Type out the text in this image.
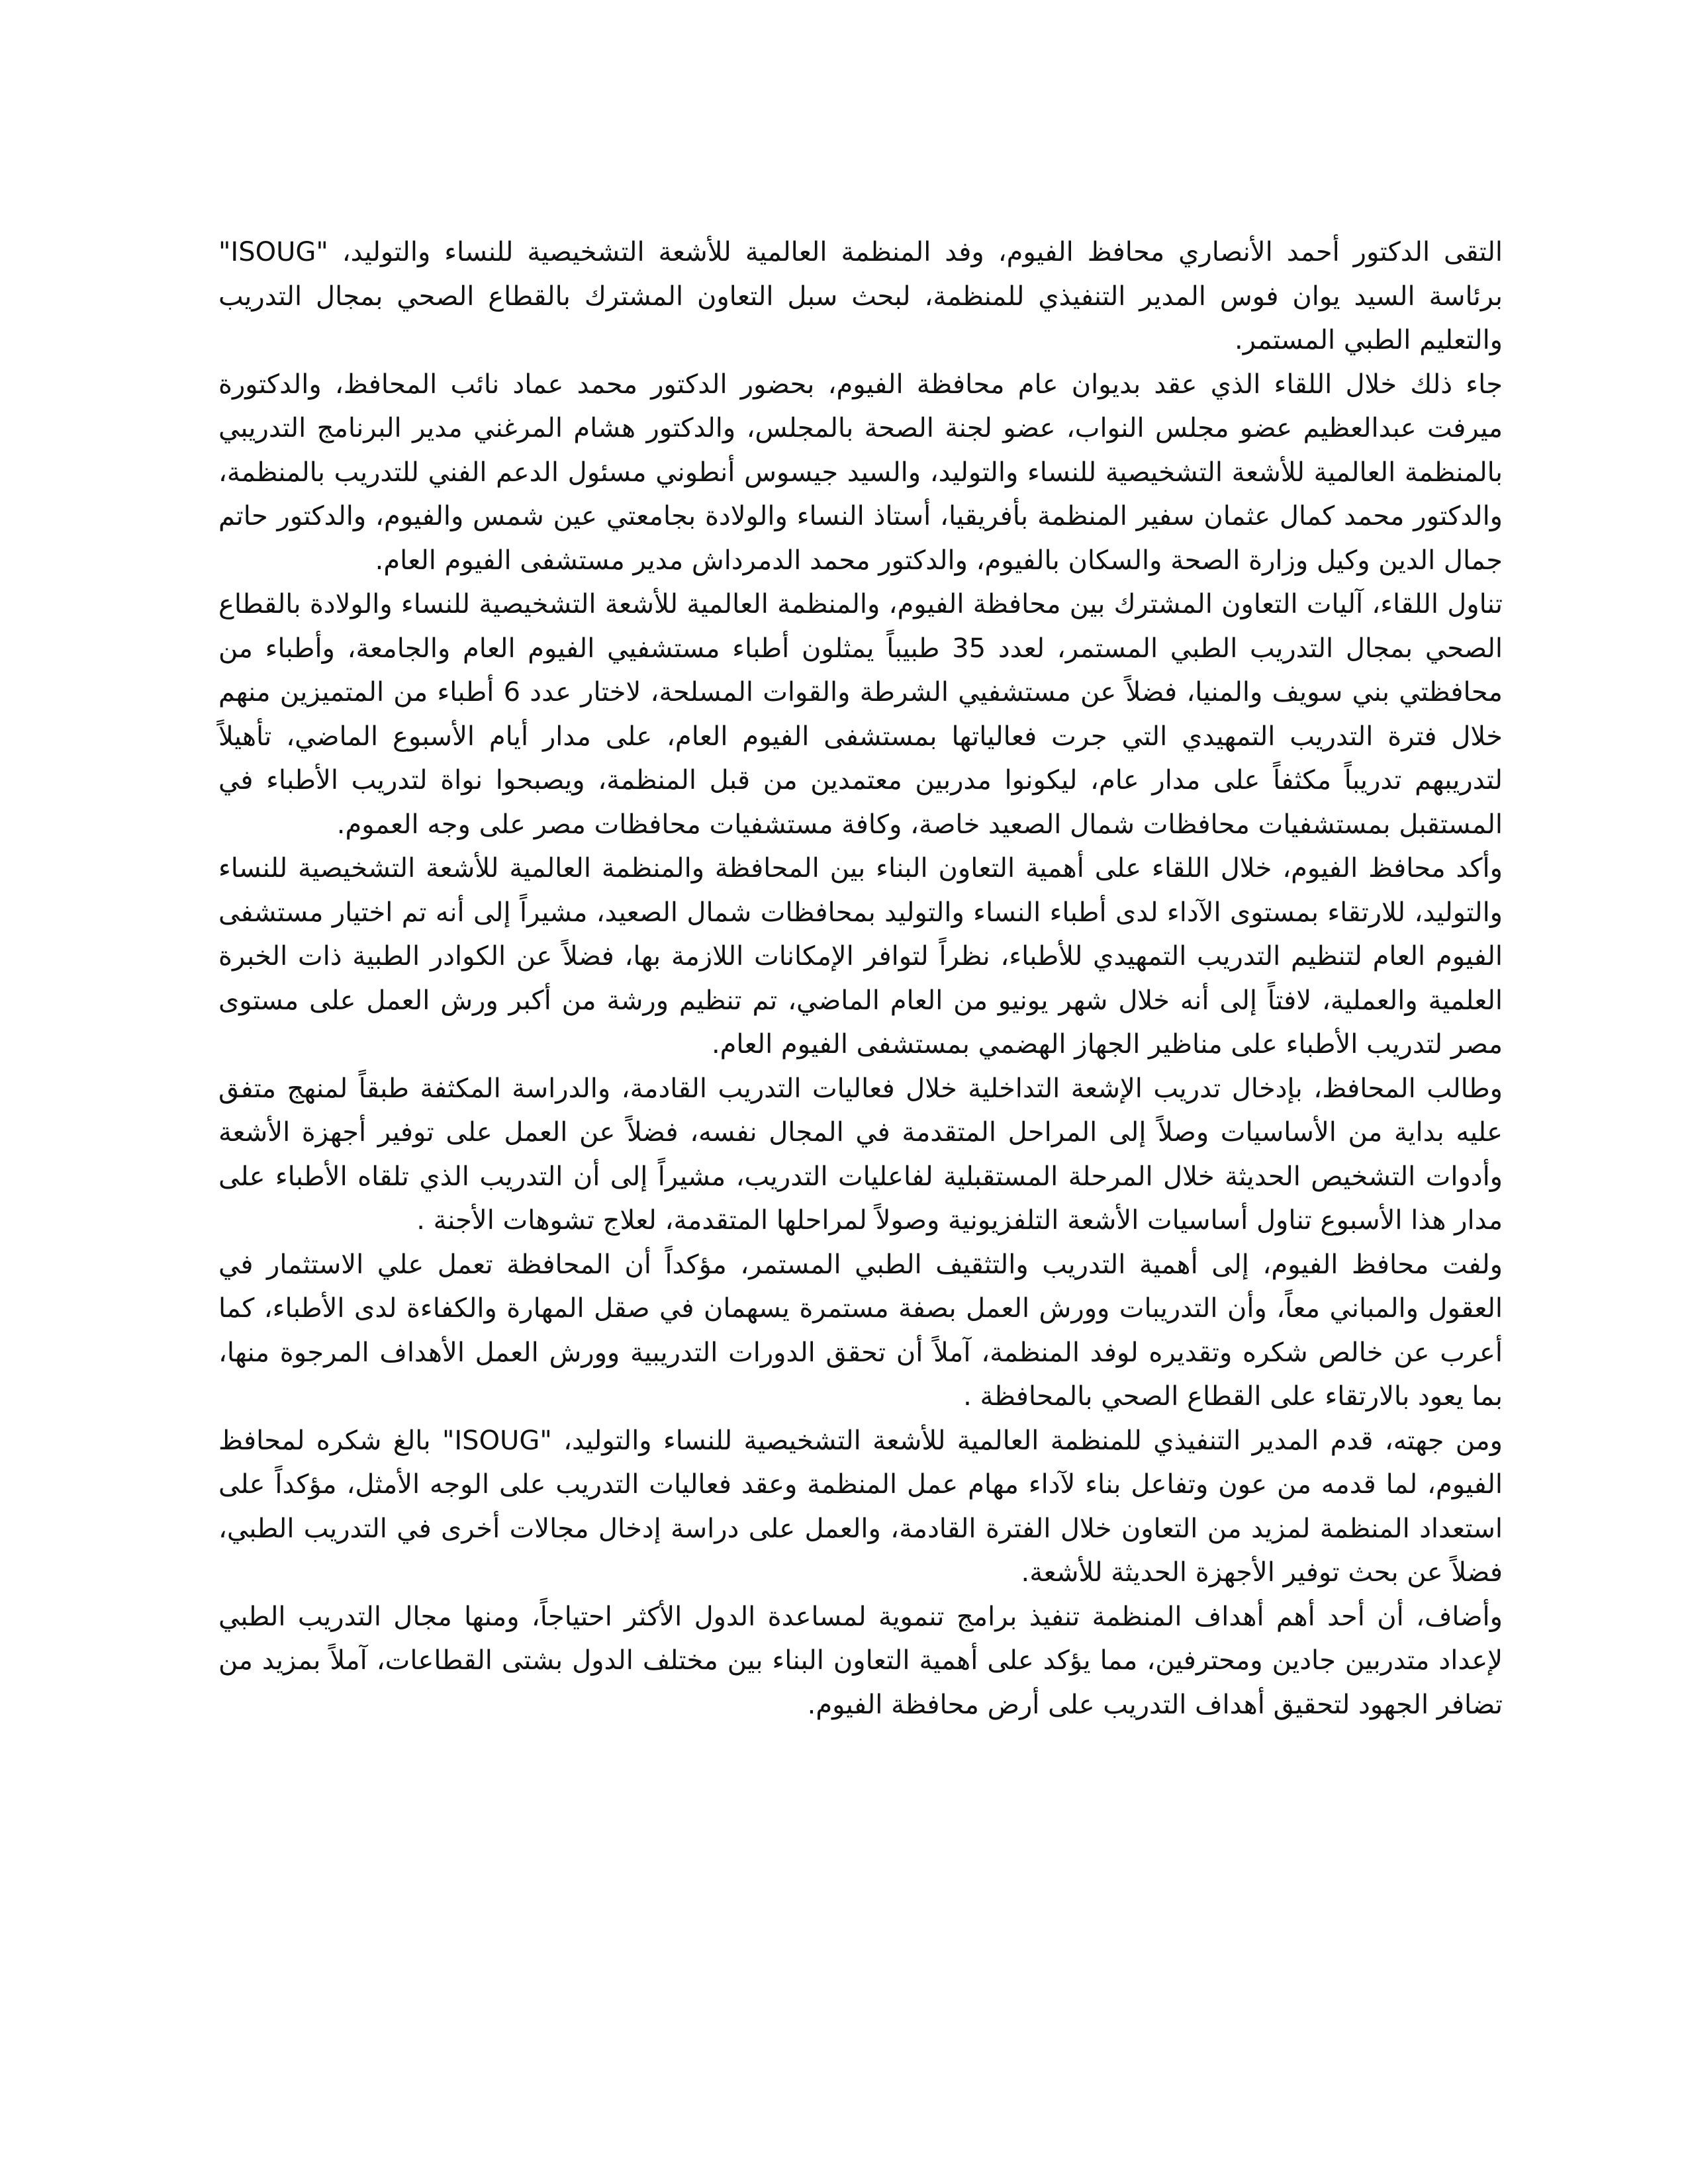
التقى الدكتور أحمد الأنصاري محافظ الفيوم، وفد المنظمة العالمية للأشعة التشخيصية للنساء والتوليد، "ISOUG" برئاسة السيد يوان فوس المدير التنفيذي للمنظمة، لبحث سبل التعاون المشترك بالقطاع الصحي بمجال التدريب والتعليم الطبي المستمر.

جاء ذلك خلال اللقاء الذي عقد بديوان عام محافظة الفيوم، بحضور الدكتور محمد عماد نائب المحافظ، والدكتورة ميرفت عبدالعظيم عضو مجلس النواب، عضو لجنة الصحة بالمجلس، والدكتور هشام المرغني مدير البرنامج التدريبي بالمنظمة العالمية للأشعة التشخيصية للنساء والتوليد، والسيد جيسوس أنطوني مسئول الدعم الفني للتدريب بالمنظمة، والدكتور محمد كمال عثمان سفير المنظمة بأفريقيا، أستاذ النساء والولادة بجامعتي عين شمس والفيوم، والدكتور حاتم جمال الدين وكيل وزارة الصحة والسكان بالفيوم، والدكتور محمد الدمرداش مدير مستشفى الفيوم العام.

تناول اللقاء، آليات التعاون المشترك بين محافظة الفيوم، والمنظمة العالمية للأشعة التشخيصية للنساء والولادة بالقطاع الصحي بمجال التدريب الطبي المستمر، لعدد 35 طبيباً يمثلون أطباء مستشفيي الفيوم العام والجامعة، وأطباء من محافظتي بني سويف والمنيا، فضلاً عن مستشفيي الشرطة والقوات المسلحة، لاختار عدد 6 أطباء من المتميزين منهم خلال فترة التدريب التمهيدي التي جرت فعالياتها بمستشفى الفيوم العام، على مدار أيام الأسبوع الماضي، تأهيلاً لتدريبهم تدريباً مكثفاً على مدار عام، ليكونوا مدربين معتمدين من قبل المنظمة، ويصبحوا نواة لتدريب الأطباء في المستقبل بمستشفيات محافظات شمال الصعيد خاصة، وكافة مستشفيات محافظات مصر على وجه العموم.

وأكد محافظ الفيوم، خلال اللقاء على أهمية التعاون البناء بين المحافظة والمنظمة العالمية للأشعة التشخيصية للنساء والتوليد، للارتقاء بمستوى الآداء لدى أطباء النساء والتوليد بمحافظات شمال الصعيد، مشيراً إلى أنه تم اختيار مستشفى الفيوم العام لتنظيم التدريب التمهيدي للأطباء، نظراً لتوافر الإمكانات اللازمة بها، فضلاً عن الكوادر الطبية ذات الخبرة العلمية والعملية، لافتاً إلى أنه خلال شهر يونيو من العام الماضي، تم تنظيم ورشة من أكبر ورش العمل على مستوى مصر لتدريب الأطباء على مناظير الجهاز الهضمي بمستشفى الفيوم العام.

وطالب المحافظ، بإدخال تدريب الإشعة التداخلية خلال فعاليات التدريب القادمة، والدراسة المكثفة طبقاً لمنهج متفق عليه بداية من الأساسيات وصلاً إلى المراحل المتقدمة في المجال نفسه، فضلاً عن العمل على توفير أجهزة الأشعة وأدوات التشخيص الحديثة خلال المرحلة المستقبلية لفاعليات التدريب، مشيراً إلى أن التدريب الذي تلقاه الأطباء على مدار هذا الأسبوع تناول أساسيات الأشعة التلفزيونية وصولاً لمراحلها المتقدمة، لعلاج تشوهات الأجنة .

ولفت محافظ الفيوم، إلى أهمية التدريب والتثقيف الطبي المستمر، مؤكداً أن المحافظة تعمل علي الاستثمار في العقول والمباني معاً، وأن التدريبات وورش العمل بصفة مستمرة يسهمان في صقل المهارة والكفاءة لدى الأطباء، كما أعرب عن خالص شكره وتقديره لوفد المنظمة، آملاً أن تحقق الدورات التدريبية وورش العمل الأهداف المرجوة منها، بما يعود بالارتقاء على القطاع الصحي بالمحافظة .

ومن جهته، قدم المدير التنفيذي للمنظمة العالمية للأشعة التشخيصية للنساء والتوليد، "ISOUG" بالغ شكره لمحافظ الفيوم، لما قدمه من عون وتفاعل بناء لآداء مهام عمل المنظمة وعقد فعاليات التدريب على الوجه الأمثل، مؤكداً على استعداد المنظمة لمزيد من التعاون خلال الفترة القادمة، والعمل على دراسة إدخال مجالات أخرى في التدريب الطبي، فضلاً عن بحث توفير الأجهزة الحديثة للأشعة.

وأضاف، أن أحد أهم أهداف المنظمة تنفيذ برامج تنموية لمساعدة الدول الأكثر احتياجاً، ومنها مجال التدريب الطبي لإعداد متدربين جادين ومحترفين، مما يؤكد على أهمية التعاون البناء بين مختلف الدول بشتى القطاعات، آملاً بمزيد من تضافر الجهود لتحقيق أهداف التدريب على أرض محافظة الفيوم.
